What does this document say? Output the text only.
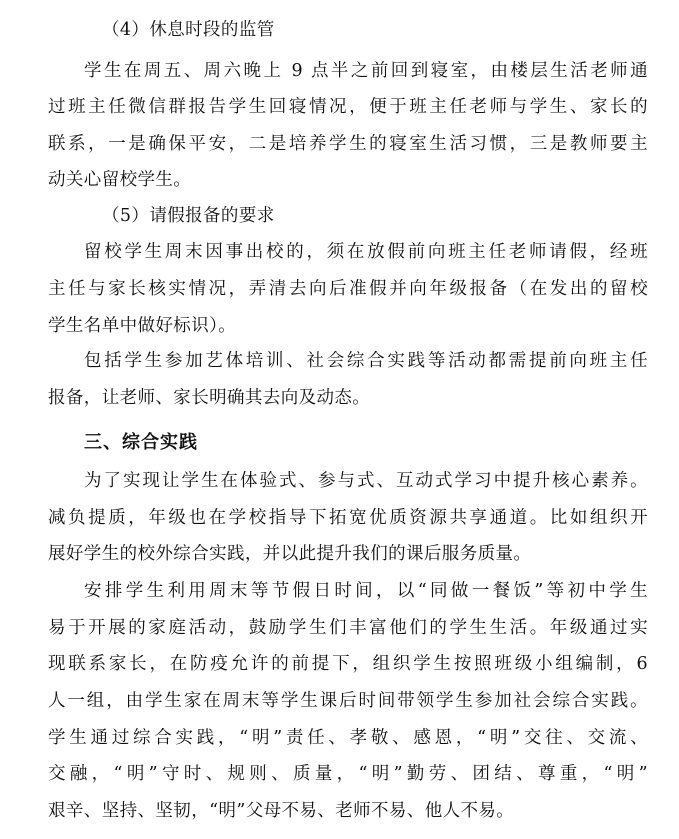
（4）休息时段的监管
学生在周五、周六晚上 9 点半之前回到寝室，由楼层生活老师通
过班主任微信群报告学生回寝情况，便于班主任老师与学生、家长的
联系，一是确保平安，二是培养学生的寝室生活习惯，三是教师要主
动关心留校学生。
（5）请假报备的要求
留校学生周末因事出校的，须在放假前向班主任老师请假，经班
主任与家长核实情况，弄清去向后准假并向年级报备（在发出的留校
学生名单中做好标识）。
包括学生参加艺体培训、社会综合实践等活动都需提前向班主任
报备，让老师、家长明确其去向及动态。
三、综合实践
为了实现让学生在体验式、参与式、互动式学习中提升核心素养。
减负提质，年级也在学校指导下拓宽优质资源共享通道。比如组织开
展好学生的校外综合实践，并以此提升我们的课后服务质量。
安排学生利用周末等节假日时间，以“同做一餐饭”等初中学生
易于开展的家庭活动，鼓励学生们丰富他们的学生生活。年级通过实
现联系家长，在防疫允许的前提下，组织学生按照班级小组编制，6
人一组，由学生家在周末等学生课后时间带领学生参加社会综合实践。
学生通过综合实践，“明”责任、孝敬、感恩，“明”交往、交流、
交融，“明”守时、规则、质量，“明”勤劳、团结、尊重，“明”
艰辛、坚持、坚韧，“明”父母不易、老师不易、他人不易。
